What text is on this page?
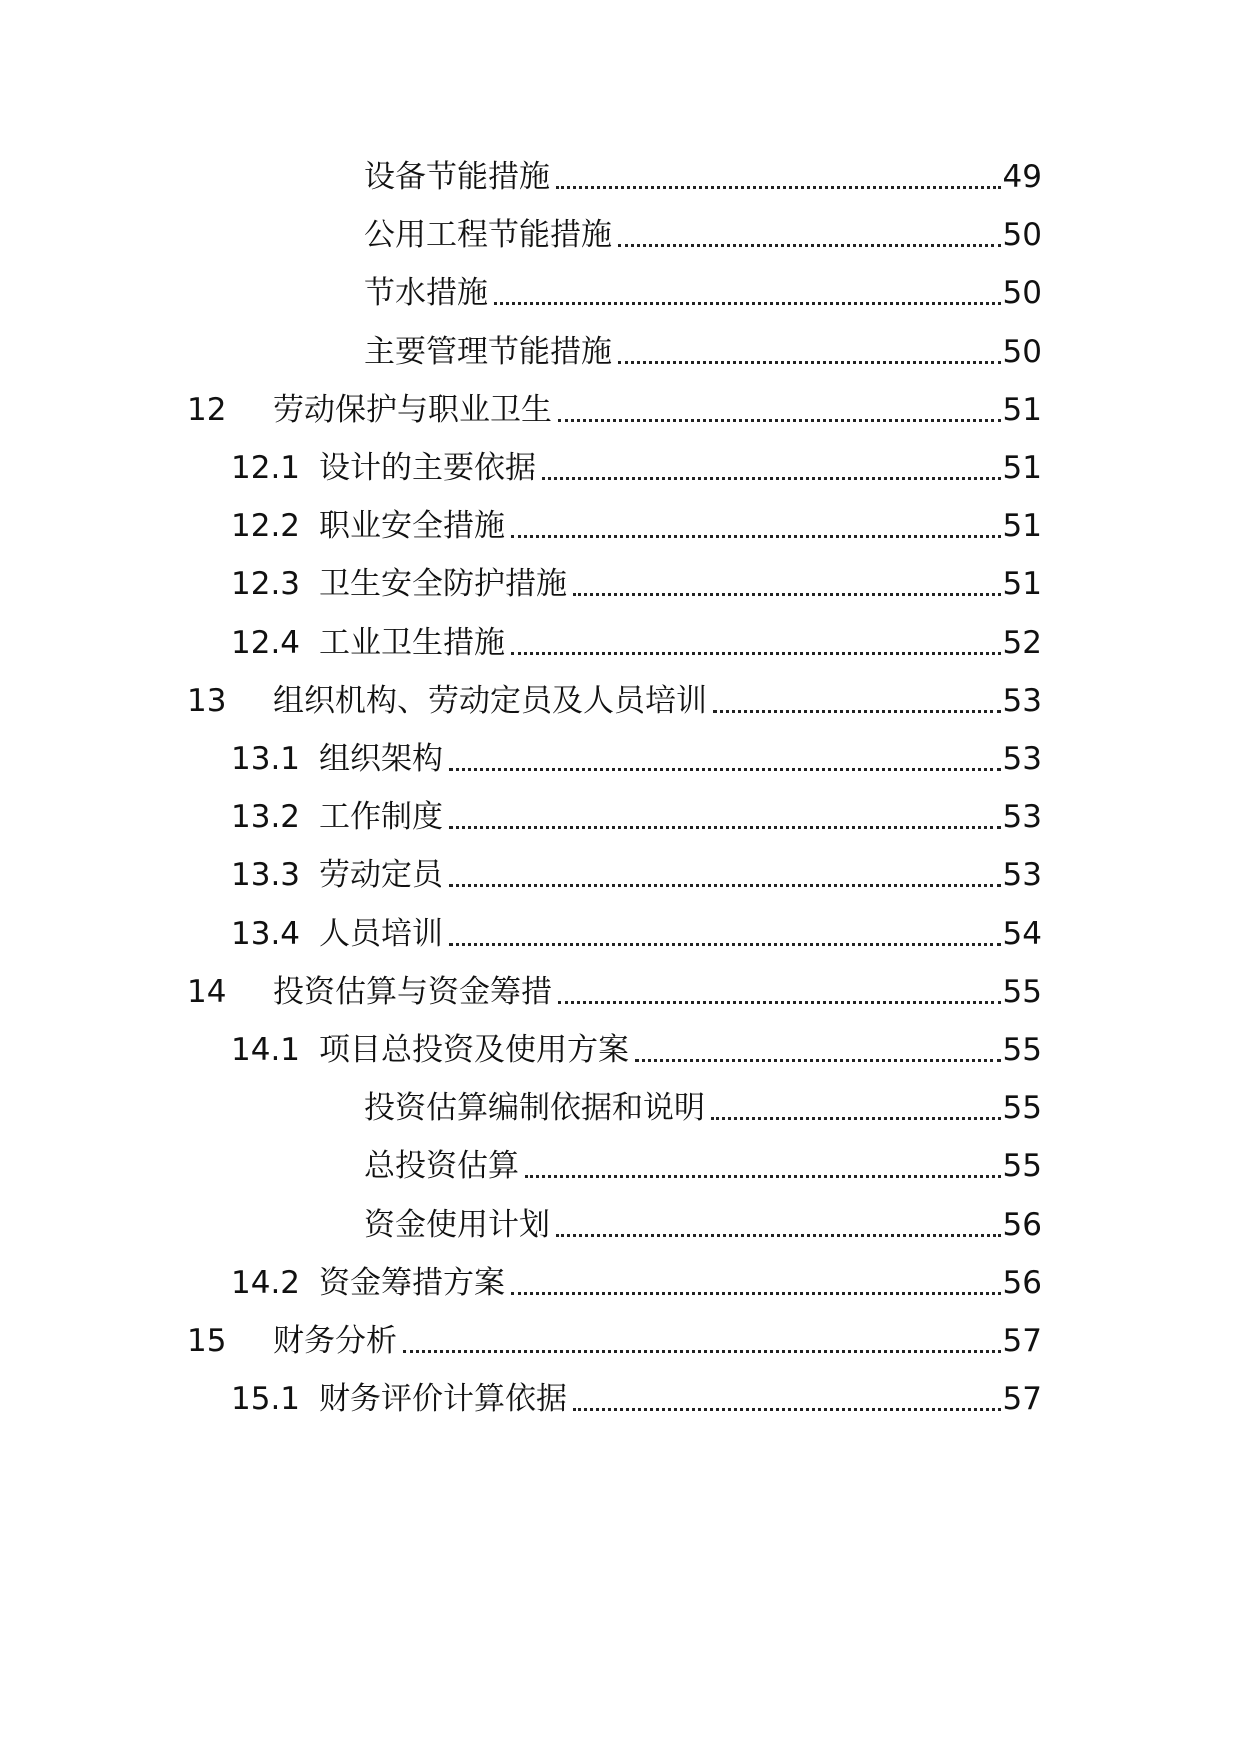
设备节能措施	49
公用工程节能措施	50
节水措施	50
主要管理节能措施	50
12	劳动保护与职业卫生	51
12.1 设计的主要依据	51
12.2 职业安全措施	51
12.3 卫生安全防护措施	51
12.4 工业卫生措施	52
13	组织机构、劳动定员及人员培训	53
13.1 组织架构	53
13.2 工作制度	53
13.3 劳动定员	53
13.4 人员培训	54
14	投资估算与资金筹措	55
14.1 项目总投资及使用方案	55
投资估算编制依据和说明	55
总投资估算	55
资金使用计划	56
14.2 资金筹措方案	56
15	财务分析	57
15.1 财务评价计算依据	57
